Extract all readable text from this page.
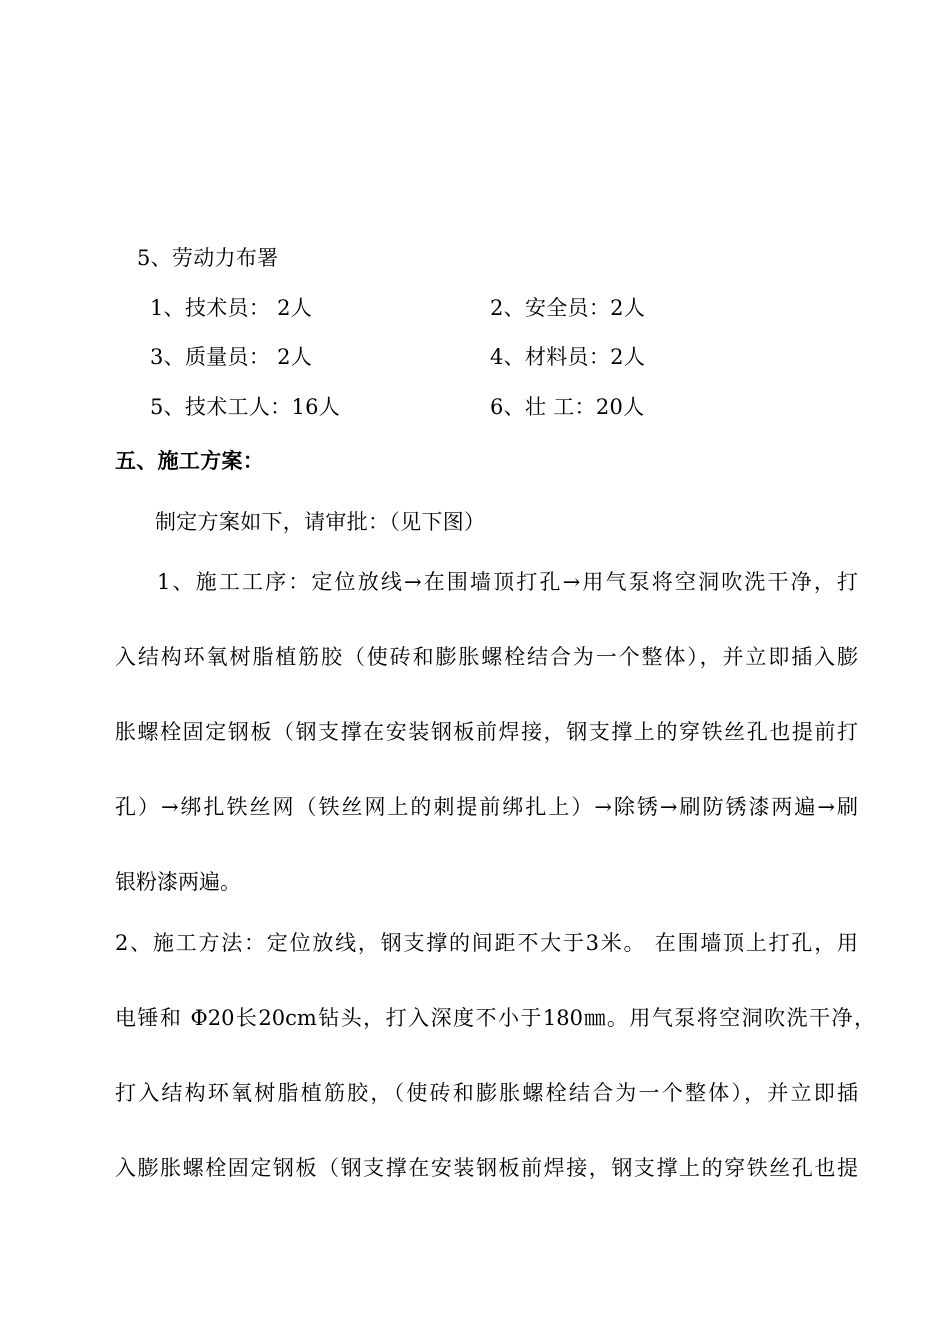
5、劳动力布署
1、技术员： 2人	2、安全员：2人
3、质量员： 2人	4、材料员：2人
5、技术工人：16人	6、壮 工：20人
五、施工方案：
制定方案如下，请审批：（见下图）
1、施工工序：定位放线→在围墙顶打孔→用气泵将空洞吹洗干净，打
入结构环氧树脂植筋胶（使砖和膨胀螺栓结合为一个整体），并立即插入膨
胀螺栓固定钢板（钢支撑在安装钢板前焊接，钢支撑上的穿铁丝孔也提前打
孔）→绑扎铁丝网（铁丝网上的刺提前绑扎上）→除锈→刷防锈漆两遍→刷
银粉漆两遍。
2、施工方法：定位放线，钢支撑的间距不大于3米。 在围墙顶上打孔，用
电锤和 Φ20长20cm钻头，打入深度不小于180㎜。用气泵将空洞吹洗干净，
打入结构环氧树脂植筋胶，（使砖和膨胀螺栓结合为一个整体），并立即插
入膨胀螺栓固定钢板（钢支撑在安装钢板前焊接，钢支撑上的穿铁丝孔也提
